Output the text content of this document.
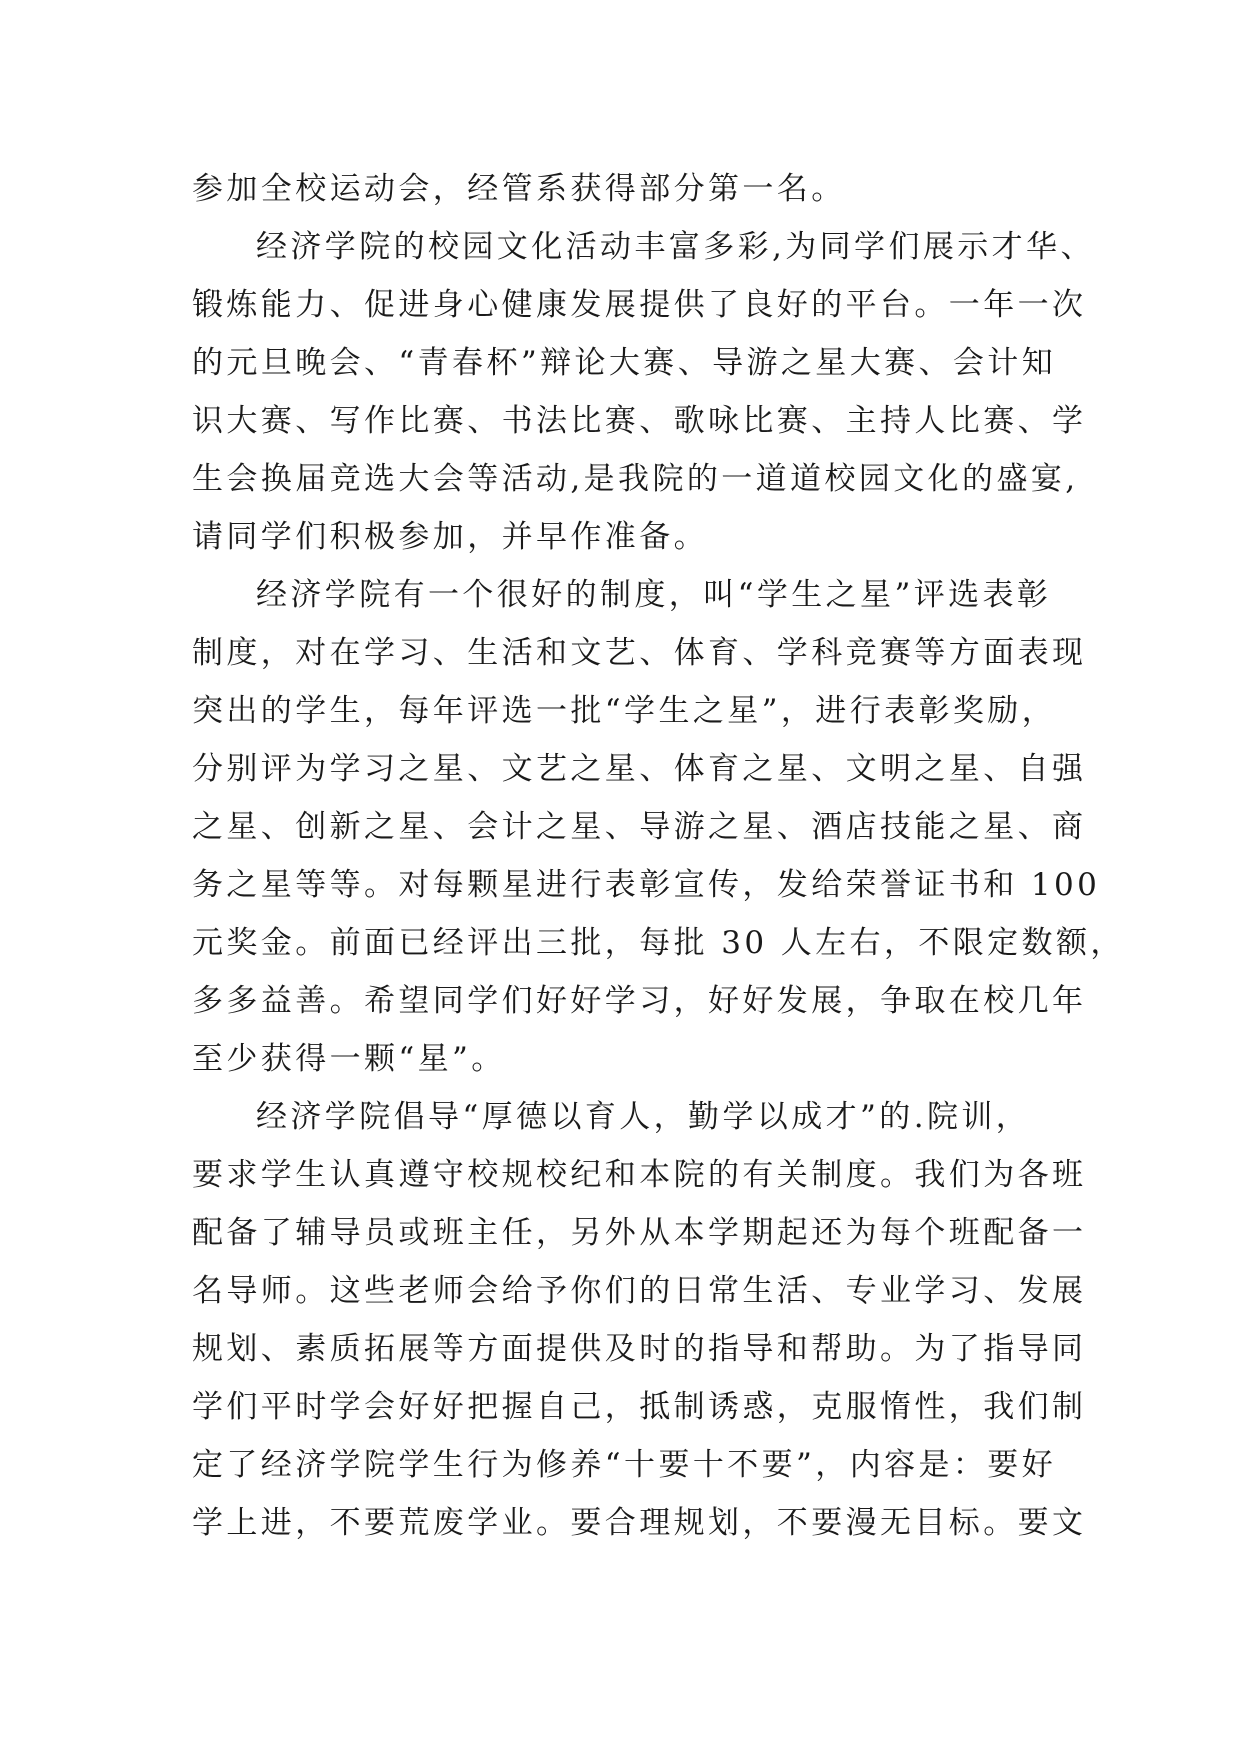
参加全校运动会，经管系获得部分第一名。
经济学院的校园文化活动丰富多彩,为同学们展示才华、
锻炼能力、促进身心健康发展提供了良好的平台。一年一次
的元旦晚会、“青春杯”辩论大赛、导游之星大赛、会计知
识大赛、写作比赛、书法比赛、歌咏比赛、主持人比赛、学
生会换届竞选大会等活动,是我院的一道道校园文化的盛宴,
请同学们积极参加，并早作准备。
经济学院有一个很好的制度，叫“学生之星”评选表彰
制度，对在学习、生活和文艺、体育、学科竞赛等方面表现
突出的学生，每年评选一批“学生之星”，进行表彰奖励，
分别评为学习之星、文艺之星、体育之星、文明之星、自强
之星、创新之星、会计之星、导游之星、酒店技能之星、商
务之星等等。对每颗星进行表彰宣传，发给荣誉证书和 100
元奖金。前面已经评出三批，每批 30 人左右，不限定数额，
多多益善。希望同学们好好学习，好好发展，争取在校几年
至少获得一颗“星”。
经济学院倡导“厚德以育人，勤学以成才”的.院训，
要求学生认真遵守校规校纪和本院的有关制度。我们为各班
配备了辅导员或班主任，另外从本学期起还为每个班配备一
名导师。这些老师会给予你们的日常生活、专业学习、发展
规划、素质拓展等方面提供及时的指导和帮助。为了指导同
学们平时学会好好把握自己，抵制诱惑，克服惰性，我们制
定了经济学院学生行为修养“十要十不要”，内容是：要好
学上进，不要荒废学业。要合理规划，不要漫无目标。要文
